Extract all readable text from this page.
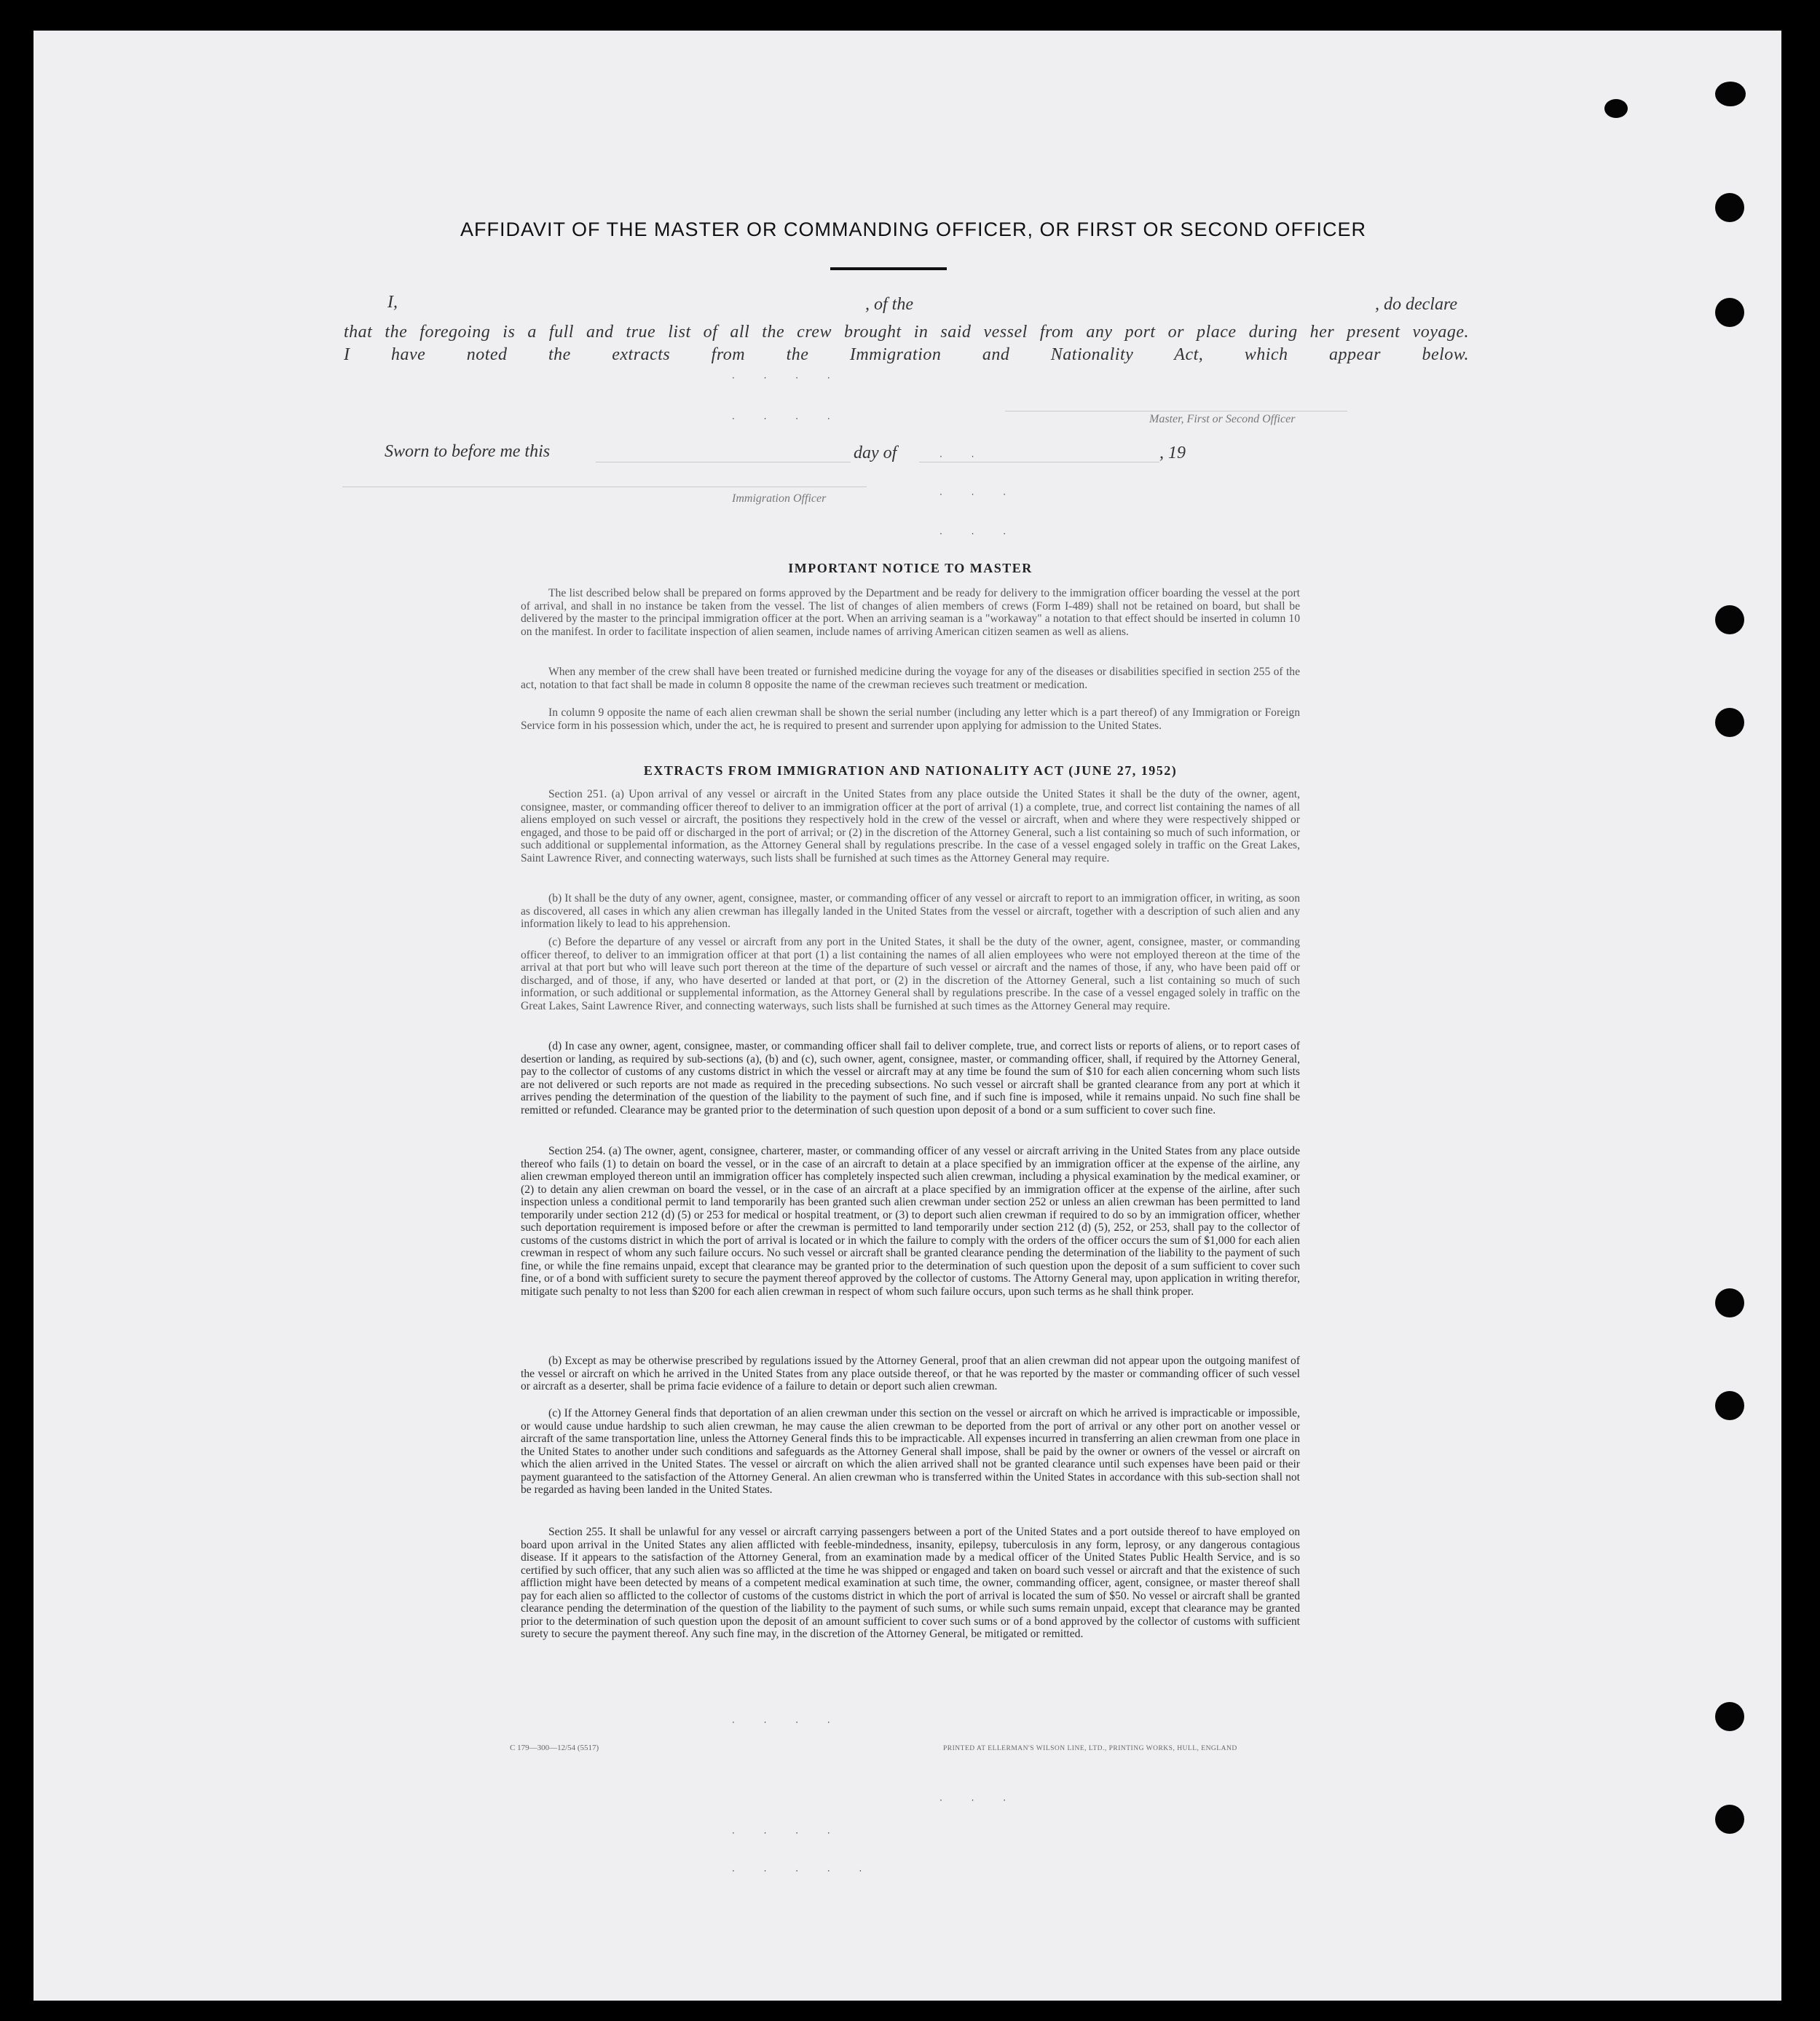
AFFIDAVIT OF THE MASTER OR COMMANDING OFFICER, OR FIRST OR SECOND OFFICER
I,	, of the	, do declare
that the foregoing is a full and true list of all the crew brought in said vessel from any port or place during her present voyage.
I have noted the extracts from the Immigration and Nationality Act, which appear below.
· · · ·
Master, First or Second Officer
· · · ·
Sworn to before me this	day of	· ·	, 19
Immigration Officer	· · ·
· · ·
IMPORTANT NOTICE TO MASTER

The list described below shall be prepared on forms approved by the Department and be ready for delivery to the immigration officer boarding the vessel at the port of arrival, and shall in no instance be taken from the vessel. The list of changes of alien members of crews (Form I-489) shall not be retained on board, but shall be delivered by the master to the principal immigration officer at the port. When an arriving seaman is a "workaway" a notation to that effect should be inserted in column 10 on the manifest. In order to facilitate inspection of alien seamen, include names of arriving American citizen seamen as well as aliens.

When any member of the crew shall have been treated or furnished medicine during the voyage for any of the diseases or disabilities specified in section 255 of the act, notation to that fact shall be made in column 8 opposite the name of the crewman recieves such treatment or medication.

In column 9 opposite the name of each alien crewman shall be shown the serial number (including any letter which is a part thereof) of any Immigration or Foreign Service form in his possession which, under the act, he is required to present and surrender upon applying for admission to the United States.

EXTRACTS FROM IMMIGRATION AND NATIONALITY ACT (JUNE 27, 1952)

Section 251. (a) Upon arrival of any vessel or aircraft in the United States from any place outside the United States it shall be the duty of the owner, agent, consignee, master, or commanding officer thereof to deliver to an immigration officer at the port of arrival (1) a complete, true, and correct list containing the names of all aliens employed on such vessel or aircraft, the positions they respectively hold in the crew of the vessel or aircraft, when and where they were respectively shipped or engaged, and those to be paid off or discharged in the port of arrival; or (2) in the discretion of the Attorney General, such a list containing so much of such information, or such additional or supplemental information, as the Attorney General shall by regulations prescribe. In the case of a vessel engaged solely in traffic on the Great Lakes, Saint Lawrence River, and connecting waterways, such lists shall be furnished at such times as the Attorney General may require.

(b) It shall be the duty of any owner, agent, consignee, master, or commanding officer of any vessel or aircraft to report to an immigration officer, in writing, as soon as discovered, all cases in which any alien crewman has illegally landed in the United States from the vessel or aircraft, together with a description of such alien and any information likely to lead to his apprehension.

(c) Before the departure of any vessel or aircraft from any port in the United States, it shall be the duty of the owner, agent, consignee, master, or commanding officer thereof, to deliver to an immigration officer at that port (1) a list containing the names of all alien employees who were not employed thereon at the time of the arrival at that port but who will leave such port thereon at the time of the departure of such vessel or aircraft and the names of those, if any, who have been paid off or discharged, and of those, if any, who have deserted or landed at that port, or (2) in the discretion of the Attorney General, such a list containing so much of such information, or such additional or supplemental information, as the Attorney General shall by regulations prescribe. In the case of a vessel engaged solely in traffic on the Great Lakes, Saint Lawrence River, and connecting waterways, such lists shall be furnished at such times as the Attorney General may require.

(d) In case any owner, agent, consignee, master, or commanding officer shall fail to deliver complete, true, and correct lists or reports of aliens, or to report cases of desertion or landing, as required by sub-sections (a), (b) and (c), such owner, agent, consignee, master, or commanding officer, shall, if required by the Attorney General, pay to the collector of customs of any customs district in which the vessel or aircraft may at any time be found the sum of $10 for each alien concerning whom such lists are not delivered or such reports are not made as required in the preceding subsections. No such vessel or aircraft shall be granted clearance from any port at which it arrives pending the determination of the question of the liability to the payment of such fine, and if such fine is imposed, while it remains unpaid. No such fine shall be remitted or refunded. Clearance may be granted prior to the determination of such question upon deposit of a bond or a sum sufficient to cover such fine.

Section 254. (a) The owner, agent, consignee, charterer, master, or commanding officer of any vessel or aircraft arriving in the United States from any place outside thereof who fails (1) to detain on board the vessel, or in the case of an aircraft to detain at a place specified by an immigration officer at the expense of the airline, any alien crewman employed thereon until an immigration officer has completely inspected such alien crewman, including a physical examination by the medical examiner, or (2) to detain any alien crewman on board the vessel, or in the case of an aircraft at a place specified by an immigration officer at the expense of the airline, after such inspection unless a conditional permit to land temporarily has been granted such alien crewman under section 252 or unless an alien crewman has been permitted to land temporarily under section 212 (d) (5) or 253 for medical or hospital treatment, or (3) to deport such alien crewman if required to do so by an immigration officer, whether such deportation requirement is imposed before or after the crewman is permitted to land temporarily under section 212 (d) (5), 252, or 253, shall pay to the collector of customs of the customs district in which the port of arrival is located or in which the failure to comply with the orders of the officer occurs the sum of $1,000 for each alien crewman in respect of whom any such failure occurs. No such vessel or aircraft shall be granted clearance pending the determination of the liability to the payment of such fine, or while the fine remains unpaid, except that clearance may be granted prior to the determination of such question upon the deposit of a sum sufficient to cover such fine, or of a bond with sufficient surety to secure the payment thereof approved by the collector of customs. The Attorny General may, upon application in writing therefor, mitigate such penalty to not less than $200 for each alien crewman in respect of whom such failure occurs, upon such terms as he shall think proper.

(b) Except as may be otherwise prescribed by regulations issued by the Attorney General, proof that an alien crewman did not appear upon the outgoing manifest of the vessel or aircraft on which he arrived in the United States from any place outside thereof, or that he was reported by the master or commanding officer of such vessel or aircraft as a deserter, shall be prima facie evidence of a failure to detain or deport such alien crewman.

(c) If the Attorney General finds that deportation of an alien crewman under this section on the vessel or aircraft on which he arrived is impracticable or impossible, or would cause undue hardship to such alien crewman, he may cause the alien crewman to be deported from the port of arrival or any other port on another vessel or aircraft of the same transportation line, unless the Attorney General finds this to be impracticable. All expenses incurred in transferring an alien crewman from one place in the United States to another under such conditions and safeguards as the Attorney General shall impose, shall be paid by the owner or owners of the vessel or aircraft on which the alien arrived in the United States. The vessel or aircraft on which the alien arrived shall not be granted clearance until such expenses have been paid or their payment guaranteed to the satisfaction of the Attorney General. An alien crewman who is transferred within the United States in accordance with this sub-section shall not be regarded as having been landed in the United States.

Section 255. It shall be unlawful for any vessel or aircraft carrying passengers between a port of the United States and a port outside thereof to have employed on board upon arrival in the United States any alien afflicted with feeble-mindedness, insanity, epilepsy, tuberculosis in any form, leprosy, or any dangerous contagious disease. If it appears to the satisfaction of the Attorney General, from an examination made by a medical officer of the United States Public Health Service, and is so certified by such officer, that any such alien was so afflicted at the time he was shipped or engaged and taken on board such vessel or aircraft and that the existence of such affliction might have been detected by means of a competent medical examination at such time, the owner, commanding officer, agent, consignee, or master thereof shall pay for each alien so afflicted to the collector of customs of the customs district in which the port of arrival is located the sum of $50. No vessel or aircraft shall be granted clearance pending the determination of the question of the liability to the payment of such sums, or while such sums remain unpaid, except that clearance may be granted prior to the determination of such question upon the deposit of an amount sufficient to cover such sums or of a bond approved by the collector of customs with sufficient surety to secure the payment thereof. Any such fine may, in the discretion of the Attorney General, be mitigated or remitted.

· · · ·
C 179—300—12/54 (5517)	PRINTED AT ELLERMAN'S WILSON LINE, LTD., PRINTING WORKS, HULL, ENGLAND
· · ·
· · · ·
· · · · ·
